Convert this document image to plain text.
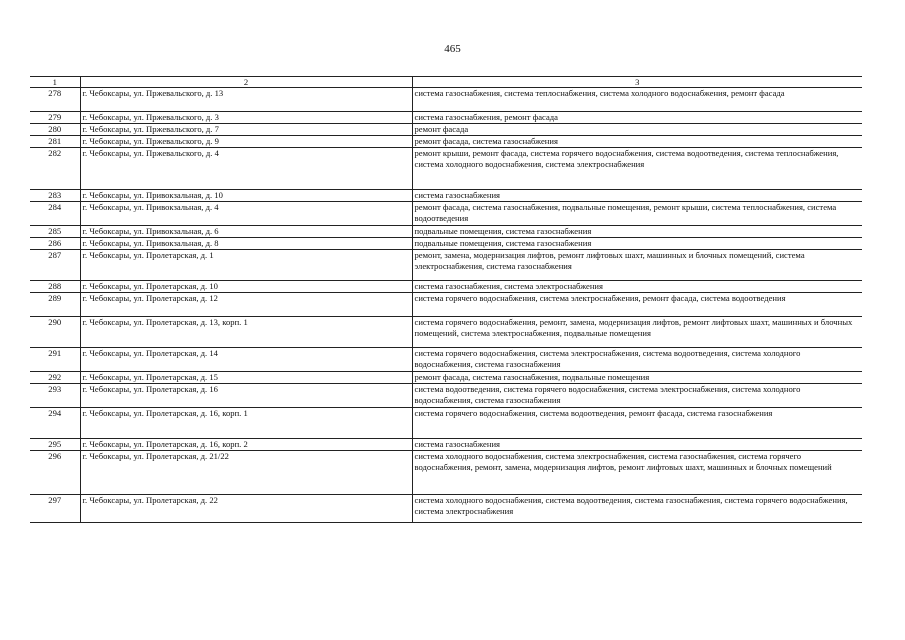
465
1	2	3
278	г. Чебоксары, ул. Пржевальского, д. 13	система газоснабжения, система теплоснабжения, система холодного водоснабжения, ремонт фасада
279	г. Чебоксары, ул. Пржевальского, д. 3	система газоснабжения, ремонт фасада
280	г. Чебоксары, ул. Пржевальского, д. 7	ремонт фасада
281	г. Чебоксары, ул. Пржевальского, д. 9	ремонт фасада, система газоснабжения
282	г. Чебоксары, ул. Пржевальского, д. 4	ремонт крыши, ремонт фасада, система горячего водоснабжения, система водоотведения, система теплоснабжения, система холодного водоснабжения, система электроснабжения
283	г. Чебоксары, ул. Привокзальная, д. 10	система газоснабжения
284	г. Чебоксары, ул. Привокзальная, д. 4	ремонт фасада, система газоснабжения, подвальные помещения, ремонт крыши, система теплоснабжения, система водоотведения
285	г. Чебоксары, ул. Привокзальная, д. 6	подвальные помещения, система газоснабжения
286	г. Чебоксары, ул. Привокзальная, д. 8	подвальные помещения, система газоснабжения
287	г. Чебоксары, ул. Пролетарская, д. 1	ремонт, замена, модернизация лифтов, ремонт лифтовых шахт, машинных и блочных помещений, система электроснабжения, система газоснабжения
288	г. Чебоксары, ул. Пролетарская, д. 10	система газоснабжения, система электроснабжения
289	г. Чебоксары, ул. Пролетарская, д. 12	система горячего водоснабжения, система электроснабжения, ремонт фасада, система водоотведения
290	г. Чебоксары, ул. Пролетарская, д. 13, корп. 1	система горячего водоснабжения, ремонт, замена, модернизация лифтов, ремонт лифтовых шахт, машинных и блочных помещений, система электроснабжения, подвальные помещения
291	г. Чебоксары, ул. Пролетарская, д. 14	система горячего водоснабжения, система электроснабжения, система водоотведения, система холодного водоснабжения, система газоснабжения
292	г. Чебоксары, ул. Пролетарская, д. 15	ремонт фасада, система газоснабжения, подвальные помещения
293	г. Чебоксары, ул. Пролетарская, д. 16	система водоотведения, система горячего водоснабжения, система электроснабжения, система холодного водоснабжения, система газоснабжения
294	г. Чебоксары, ул. Пролетарская, д. 16, корп. 1	система горячего водоснабжения, система водоотведения, ремонт фасада, система газоснабжения
295	г. Чебоксары, ул. Пролетарская, д. 16, корп. 2	система газоснабжения
296	г. Чебоксары, ул. Пролетарская, д. 21/22	система холодного водоснабжения, система электроснабжения, система газоснабжения, система горячего водоснабжения, ремонт, замена, модернизация лифтов, ремонт лифтовых шахт, машинных и блочных помещений
297	г. Чебоксары, ул. Пролетарская, д. 22	система холодного водоснабжения, система водоотведения, система газоснабжения, система горячего водоснабжения, система электроснабжения
